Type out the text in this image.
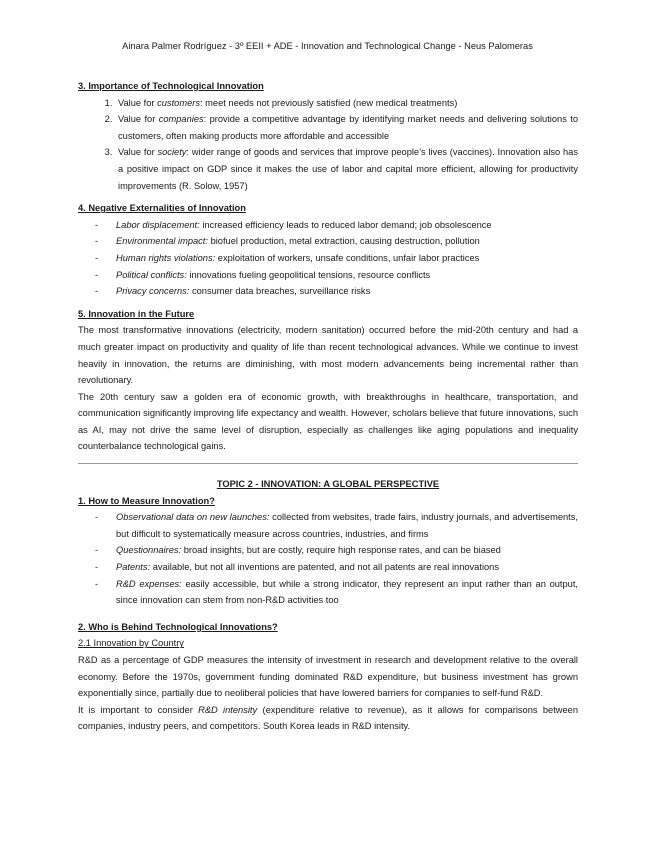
Ainara Palmer Rodríguez - 3º EEII + ADE - Innovation and Technological Change - Neus Palomeras
3. Importance of Technological Innovation
1. Value for customers: meet needs not previously satisfied (new medical treatments)
2. Value for companies: provide a competitive advantage by identifying market needs and delivering solutions to customers, often making products more affordable and accessible
3. Value for society: wider range of goods and services that improve people’s lives (vaccines). Innovation also has a positive impact on GDP since it makes the use of labor and capital more efficient, allowing for productivity improvements (R. Solow, 1957)
4. Negative Externalities of Innovation
- Labor displacement: increased efficiency leads to reduced labor demand; job obsolescence
- Environmental impact: biofuel production, metal extraction, causing destruction, pollution
- Human rights violations: exploitation of workers, unsafe conditions, unfair labor practices
- Political conflicts: innovations fueling geopolitical tensions, resource conflicts
- Privacy concerns: consumer data breaches, surveillance risks
5. Innovation in the Future

The most transformative innovations (electricity, modern sanitation) occurred before the mid-20th century and had a much greater impact on productivity and quality of life than recent technological advances. While we continue to invest heavily in innovation, the returns are diminishing, with most modern advancements being incremental rather than revolutionary.

The 20th century saw a golden era of economic growth, with breakthroughs in healthcare, transportation, and communication significantly improving life expectancy and wealth. However, scholars believe that future innovations, such as AI, may not drive the same level of disruption, especially as challenges like aging populations and inequality counterbalance technological gains.

TOPIC 2 - INNOVATION: A GLOBAL PERSPECTIVE
1. How to Measure Innovation?
- Observational data on new launches: collected from websites, trade fairs, industry journals, and advertisements, but difficult to systematically measure across countries, industries, and firms
- Questionnaires: broad insights, but are costly, require high response rates, and can be biased
- Patents: available, but not all inventions are patented, and not all patents are real innovations
- R&D expenses: easily accessible, but while a strong indicator, they represent an input rather than an output, since innovation can stem from non-R&D activities too
2. Who is Behind Technological Innovations?
2.1 Innovation by Country

R&D as a percentage of GDP measures the intensity of investment in research and development relative to the overall economy. Before the 1970s, government funding dominated R&D expenditure, but business investment has grown exponentially since, partially due to neoliberal policies that have lowered barriers for companies to self-fund R&D.

It is important to consider R&D intensity (expenditure relative to revenue), as it allows for comparisons between companies, industry peers, and competitors. South Korea leads in R&D intensity.
